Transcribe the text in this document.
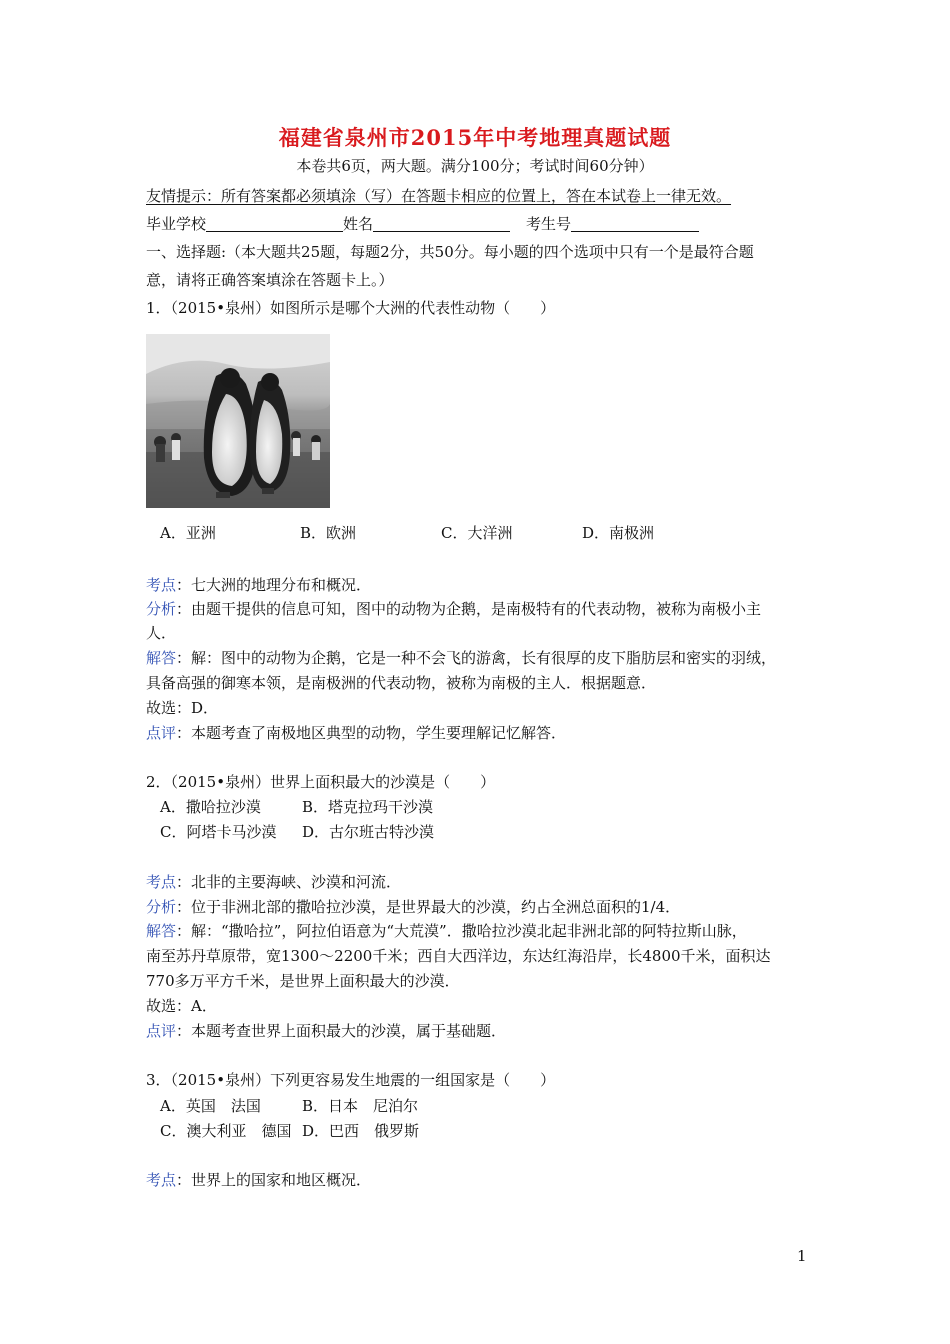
福建省泉州市2015年中考地理真题试题
本卷共6页，两大题。满分100分；考试时间60分钟）
友情提示：所有答案都必须填涂（写）在答题卡相应的位置上，答在本试卷上一律无效。
毕业学校	姓名	考生号
一、选择题:（本大题共25题，每题2分，共50分。每小题的四个选项中只有一个是最符合题
意，请将正确答案填涂在答题卡上。）
1．（2015•泉州）如图所示是哪个大洲的代表性动物（　　）
A．亚洲	B．欧洲	C．大洋洲	D．南极洲
考点：七大洲的地理分布和概况．
分析：由题干提供的信息可知，图中的动物为企鹅，是南极特有的代表动物，被称为南极小主
人．
解答：解：图中的动物为企鹅，它是一种不会飞的游禽，长有很厚的皮下脂肪层和密实的羽绒，
具备高强的御寒本领，是南极洲的代表动物，被称为南极的主人．根据题意．
故选：D．
点评：本题考查了南极地区典型的动物，学生要理解记忆解答．
2．（2015•泉州）世界上面积最大的沙漠是（　　）
A．撒哈拉沙漠	B．塔克拉玛干沙漠
C．阿塔卡马沙漠 D．古尔班古特沙漠
考点：北非的主要海峡、沙漠和河流．
分析：位于非洲北部的撒哈拉沙漠，是世界最大的沙漠，约占全洲总面积的1/4．
解答：解：“撒哈拉”，阿拉伯语意为“大荒漠”．撒哈拉沙漠北起非洲北部的阿特拉斯山脉，
南至苏丹草原带，宽1300～2200千米；西自大西洋边，东达红海沿岸，长4800千米，面积达
770多万平方千米，是世界上面积最大的沙漠．
故选：A．
点评：本题考查世界上面积最大的沙漠，属于基础题．
3．（2015•泉州）下列更容易发生地震的一组国家是（　　）
A．英国　法国	B．日本　尼泊尔
C．澳大利亚　德国 D．巴西　俄罗斯
考点：世界上的国家和地区概况．
1
